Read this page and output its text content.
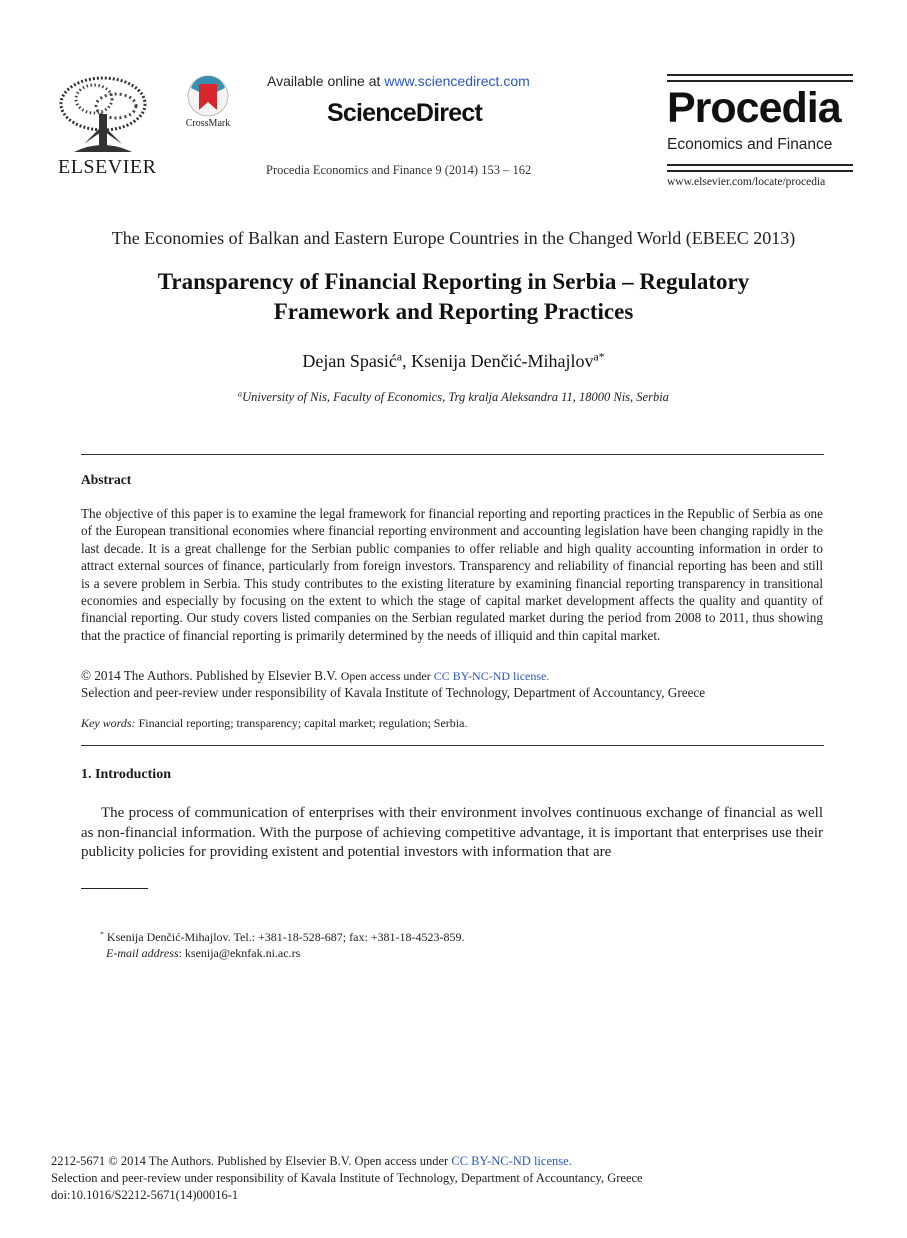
ELSEVIER
CrossMark
Available online at www.sciencedirect.com
ScienceDirect
Procedia Economics and Finance 9 (2014) 153 – 162
Procedia
Economics and Finance
www.elsevier.com/locate/procedia
The Economies of Balkan and Eastern Europe Countries in the Changed World (EBEEC 2013)
Transparency of Financial Reporting in Serbia – Regulatory
Framework and Reporting Practices
Dejan Spasić$^a$, Ksenija Denčić-Mihajlov$^{a*}$
$^a$University of Nis, Faculty of Economics, Trg kralja Aleksandra 11, 18000 Nis, Serbia
Abstract
The objective of this paper is to examine the legal framework for financial reporting and reporting practices in the Republic of Serbia as one of the European transitional economies where financial reporting environment and accounting legislation have been changing rapidly in the last decade. It is a great challenge for the Serbian public companies to offer reliable and high quality accounting information in order to attract external sources of finance, particularly from foreign investors. Transparency and reliability of financial reporting has been and still is a severe problem in Serbia. This study contributes to the existing literature by examining financial reporting transparency in transitional economies and especially by focusing on the extent to which the stage of capital market development affects the quality and quantity of financial reporting. Our study covers listed companies on the Serbian regulated market during the period from 2008 to 2011, thus showing that the practice of financial reporting is primarily determined by the needs of illiquid and thin capital market.
© 2014 The Authors. Published by Elsevier B.V. Open access under CC BY-NC-ND license.
Selection and peer-review under responsibility of Kavala Institute of Technology, Department of Accountancy, Greece
Key words: Financial reporting; transparency; capital market; regulation; Serbia.
1. Introduction
The process of communication of enterprises with their environment involves continuous exchange of financial as well as non-financial information. With the purpose of achieving competitive advantage, it is important that enterprises use their publicity policies for providing existent and potential investors with information that are
* Ksenija Denčić-Mihajlov. Tel.: +381-18-528-687; fax: +381-18-4523-859.
E-mail address: ksenija@eknfak.ni.ac.rs
2212-5671 © 2014 The Authors. Published by Elsevier B.V. Open access under CC BY-NC-ND license.
Selection and peer-review under responsibility of Kavala Institute of Technology, Department of Accountancy, Greece
doi:10.1016/S2212-5671(14)00016-1
